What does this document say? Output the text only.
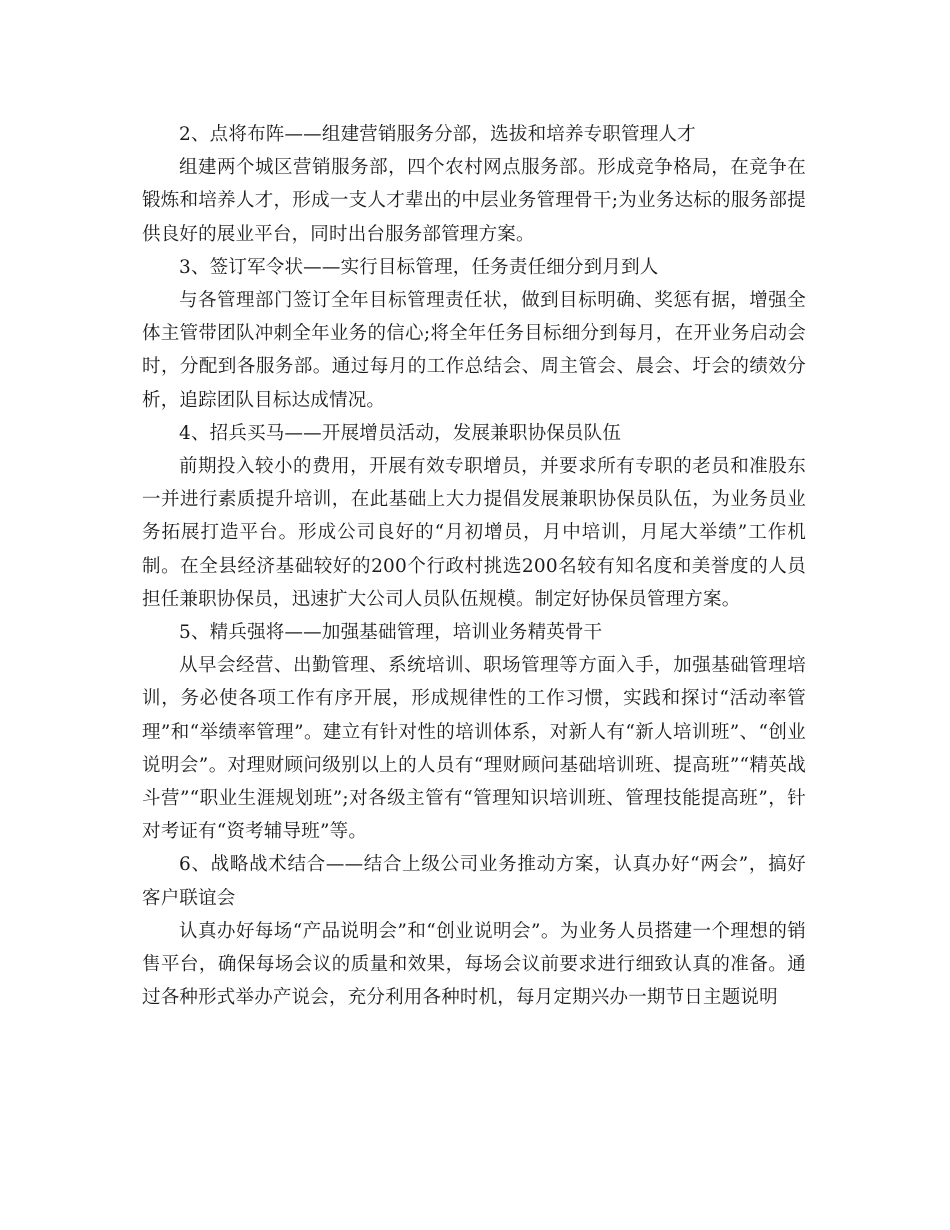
2、点将布阵——组建营销服务分部，选拔和培养专职管理人才

组建两个城区营销服务部，四个农村网点服务部。形成竞争格局，在竞争在锻炼和培养人才，形成一支人才辈出的中层业务管理骨干;为业务达标的服务部提供良好的展业平台，同时出台服务部管理方案。

3、签订军令状——实行目标管理，任务责任细分到月到人

与各管理部门签订全年目标管理责任状，做到目标明确、奖惩有据，增强全体主管带团队冲刺全年业务的信心;将全年任务目标细分到每月，在开业务启动会时，分配到各服务部。通过每月的工作总结会、周主管会、晨会、圩会的绩效分析，追踪团队目标达成情况。

4、招兵买马——开展增员活动，发展兼职协保员队伍

前期投入较小的费用，开展有效专职增员，并要求所有专职的老员和准股东一并进行素质提升培训，在此基础上大力提倡发展兼职协保员队伍，为业务员业务拓展打造平台。形成公司良好的“月初增员，月中培训，月尾大举绩”工作机制。在全县经济基础较好的200个行政村挑选200名较有知名度和美誉度的人员担任兼职协保员，迅速扩大公司人员队伍规模。制定好协保员管理方案。

5、精兵强将——加强基础管理，培训业务精英骨干

从早会经营、出勤管理、系统培训、职场管理等方面入手，加强基础管理培训，务必使各项工作有序开展，形成规律性的工作习惯，实践和探讨“活动率管理”和“举绩率管理”。建立有针对性的培训体系，对新人有“新人培训班”、“创业说明会”。对理财顾问级别以上的人员有“理财顾问基础培训班、提高班”“精英战斗营”“职业生涯规划班”;对各级主管有“管理知识培训班、管理技能提高班”，针对考证有“资考辅导班”等。

6、战略战术结合——结合上级公司业务推动方案，认真办好“两会”，搞好客户联谊会

认真办好每场“产品说明会”和“创业说明会”。为业务人员搭建一个理想的销售平台，确保每场会议的质量和效果，每场会议前要求进行细致认真的准备。通过各种形式举办产说会，充分利用各种时机，每月定期兴办一期节日主题说明
